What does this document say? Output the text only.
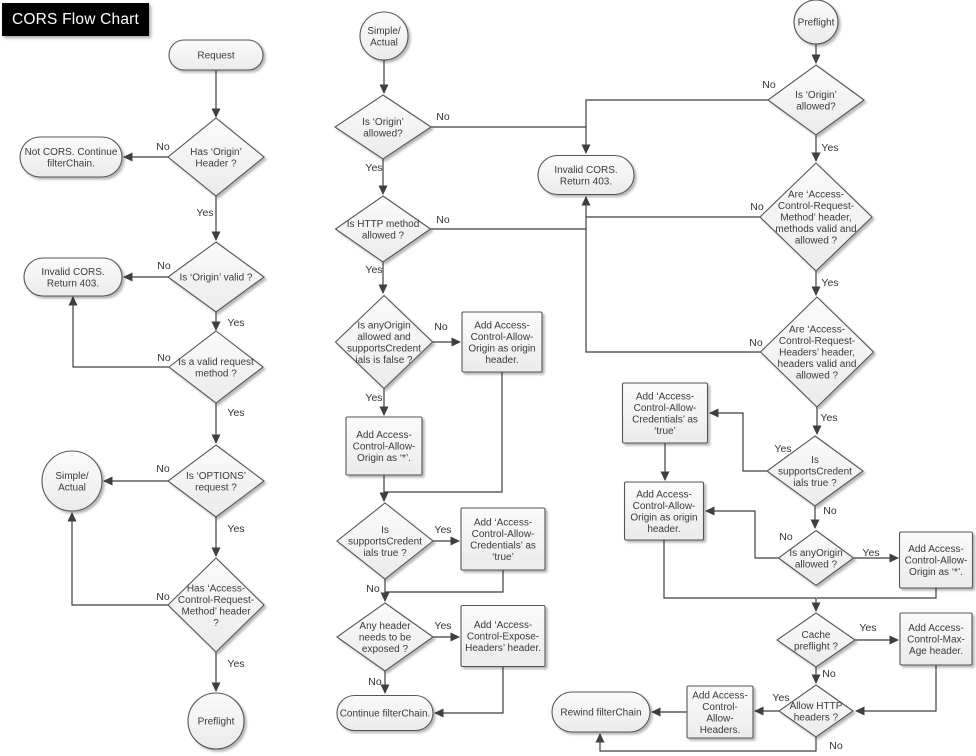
CORS Flow Chart
Request
Has ‘Origin’ Header ?
Not CORS. Continue filterChain.
Is ‘Origin’ valid ?
Invalid CORS. Return 403.
Is a valid request method ?
Simple/ Actual
Is ‘OPTIONS’ request ?
Has ‘Access-Control-Request-Method’ header ?
Preflight
Simple/ Actual
Is ‘Origin’ allowed?
Invalid CORS. Return 403.
Is HTTP method allowed ?
Is anyOrigin allowed and supportsCredent ials is false ?
Add Access-Control-Allow-Origin as origin header.
Add Access-Control-Allow-Origin as ‘*’.
Is supportsCredent ials true ?
Add ‘Access-Control-Allow-Credentials’ as ‘true’
Any header needs to be exposed ?
Add ‘Access-Control-Expose-Headers’ header.
Continue filterChain.
Preflight
Is ‘Origin’ allowed?
Are ‘Access-Control-Request-Method’ header, methods valid and allowed ?
Are ‘Access-Control-Request-Headers’ header, headers valid and allowed ?
Is supportsCredent ials true ?
Add ‘Access-Control-Allow-Credentials’ as ‘true’
Add Access-Control-Allow-Origin as origin header.
Is anyOrigin allowed ?
Add Access-Control-Allow-Origin as ‘*’.
Cache preflight ?
Add Access-Control-Max-Age header.
Allow HTTP headers ?
Add Access-Control-Allow-Headers.
Rewind filterChain
No
Yes
No
Yes
No
Yes
No
Yes
No
Yes
No
Yes
No
Yes
No
Yes
Yes
No
Yes
No
No
Yes
No
Yes
No
Yes
Yes
No
No
Yes
Yes
No
Yes
No
